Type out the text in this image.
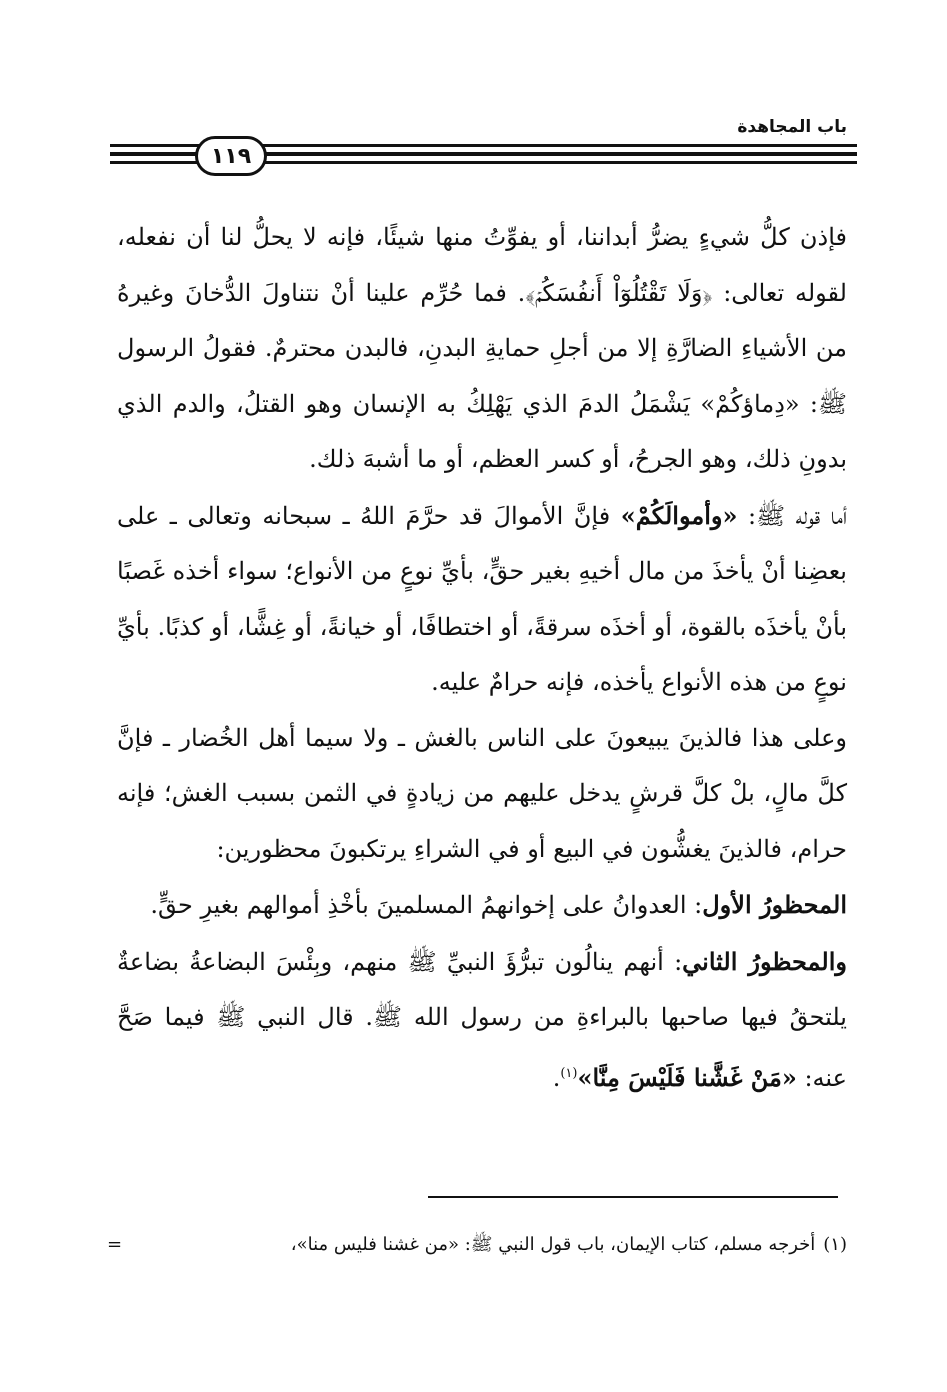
باب المجاهدة
١١٩

فإذن كلُّ شيءٍ يضرُّ أبداننا، أو يفوِّتُ منها شيئًا، فإنه لا يحلُّ لنا أن نفعله، لقوله تعالى: ﴿وَلَا تَقْتُلُوٓاْ أَنفُسَكُمۡ﴾. فما حُرِّم علينا أنْ نتناولَ الدُّخانَ وغيرهُ من الأشياءِ الضارَّةِ إلا من أجلِ حمايةِ البدنِ، فالبدن محترمٌ. فقولُ الرسول ﷺ: «دِماؤكُمْ» يَشْمَلُ الدمَ الذي يَهْلِكُ به الإنسان وهو القتلُ، والدم الذي بدونِ ذلك، وهو الجرحُ، أو كسر العظم، أو ما أشبهَ ذلك.

أما قوله ﷺ: «وأموالَكُمْ» فإنَّ الأموالَ قد حرَّمَ اللهُ ـ سبحانه وتعالى ـ على بعضِنا أنْ يأخذَ من مال أخيهِ بغير حقٍّ، بأيِّ نوعٍ من الأنواع؛ سواء أخذه غَصبًا بأنْ يأخذَه بالقوة، أو أخذَه سرقةً، أو اختطافًا، أو خيانةً، أو غِشًّا، أو كذبًا. بأيِّ نوعٍ من هذه الأنواع يأخذه، فإنه حرامٌ عليه.

وعلى هذا فالذينَ يبيعونَ على الناس بالغش ـ ولا سيما أهل الخُضار ـ فإنَّ كلَّ مالٍ، بلْ كلَّ قرشٍ يدخل عليهم من زيادةٍ في الثمن بسبب الغش؛ فإنه حرام، فالذينَ يغشُّون في البيع أو في الشراءِ يرتكبونَ محظورين:

المحظورُ الأول: العدوانُ على إخوانهمُ المسلمينَ بأخْذِ أموالهم بغيرِ حقٍّ.

والمحظورُ الثاني: أنهم ينالُون تبرُّؤَ النبيِّ ﷺ منهم، وبِئْسَ البضاعةُ بضاعةٌ يلتحقُ فيها صاحبها بالبراءةِ من رسول الله ﷺ. قال النبي ﷺ فيما صَحَّ عنه: «مَنْ غَشَّنا فَلَيْسَ مِنَّا»$^{(١)}$.

(١)أخرجه مسلم، كتاب الإيمان، باب قول النبي ﷺ: «من غشنا فليس منا»،
=
